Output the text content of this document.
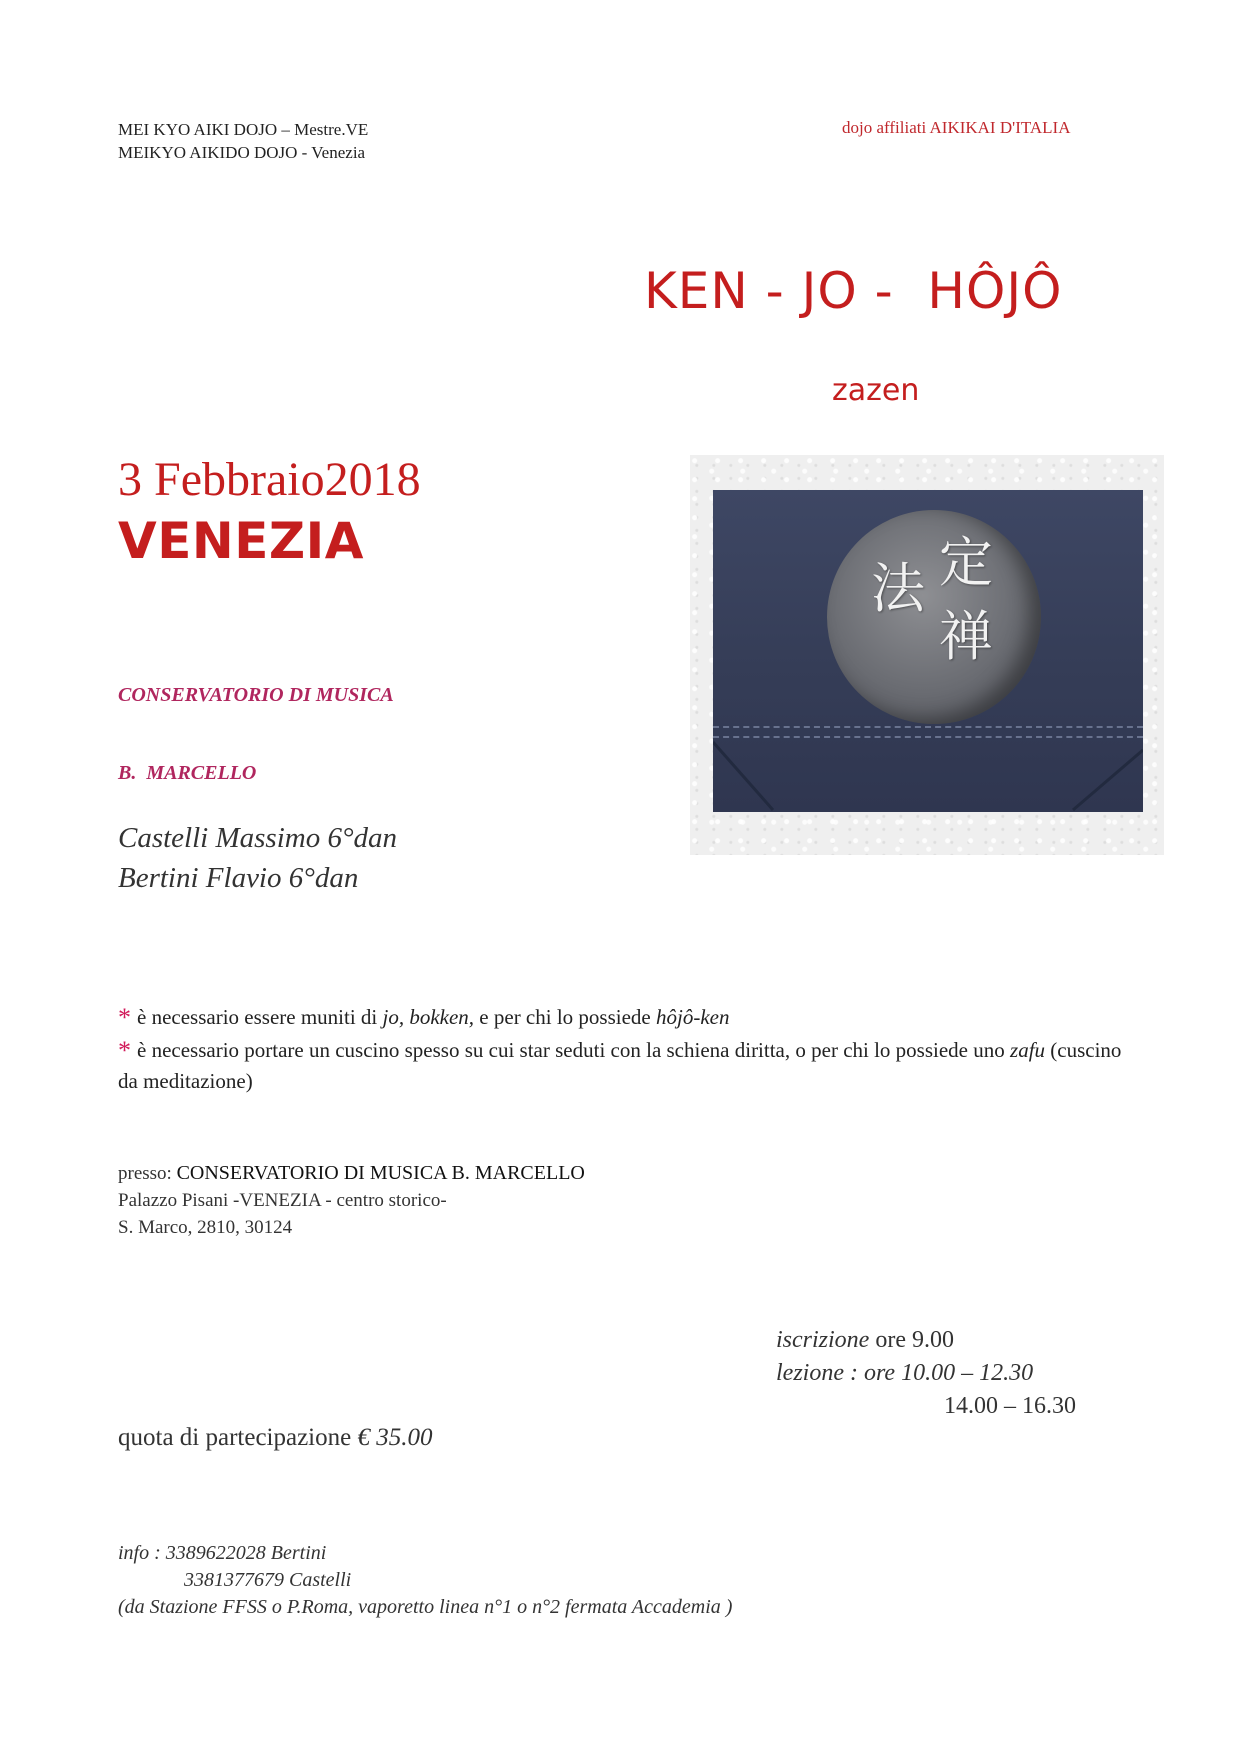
MEI KYO AIKI DOJO – Mestre.VE
MEIKYO AIKIDO DOJO - Venezia
dojo affiliati AIKIKAI D'ITALIA
KEN - JO -  HÔJÔ
zazen
3 Febbraio2018
VENEZIA

CONSERVATORIO DI MUSICA

B.  MARCELLO

法 定
禅
Castelli Massimo 6°dan
Bertini Flavio 6°dan

* è necessario essere muniti di jo, bokken, e per chi lo possiede hôjô-ken

* è necessario portare un cuscino spesso su cui star seduti con la schiena diritta, o per chi lo possiede uno zafu (cuscino da meditazione)

presso: CONSERVATORIO DI MUSICA B. MARCELLO
Palazzo Pisani -VENEZIA - centro storico-
S. Marco, 2810, 30124
iscrizione ore 9.00
lezione : ore 10.00 – 12.30
14.00 – 16.30
quota di partecipazione € 35.00
info : 3389622028 Bertini
3381377679 Castelli
(da Stazione FFSS o P.Roma, vaporetto linea n°1 o n°2 fermata Accademia )
